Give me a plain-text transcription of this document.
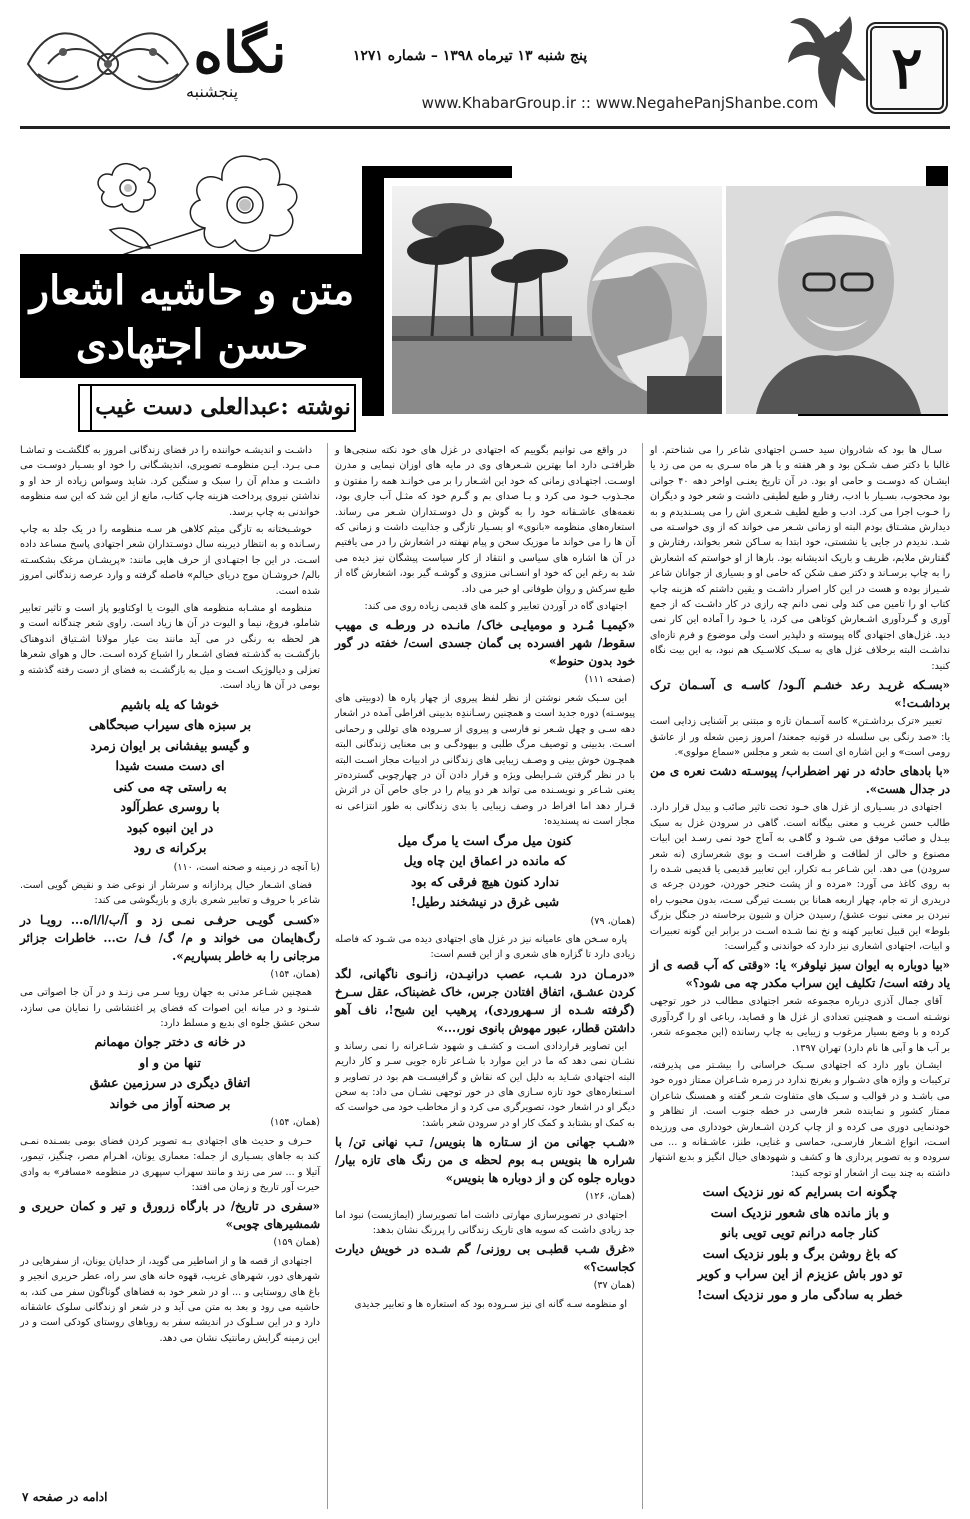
نگاه
پنجشنبه
پنج شنبه ۱۳ تیرماه ۱۳۹۸ – شماره ۱۲۷۱
www.KhabarGroup.ir :: www.NegahePanjShanbe.com
۲
متن و حاشیه اشعار
حسن اجتهادی
نوشته :عبدالعلی دست غیب

سـال ها بود که شادروان سید حسـن اجتهادی شاعر را می شناختم. او غالبا با دکتر صف شـکن بود و هر هفته و یا هر ماه سـری به من می زد یا ایشـان که دوسـت و حامی او بود. در آن تاریخ یعنـی اواخر دهه ۴۰ جوانی بود محجوب، بسـیار با ادب، رفتار و طبع لطیفی داشت و شعر خود و دیگران را خـوب اجرا می کرد. ادب و طبع لطیف شـعری اش را می پسـندیدم و به دیدارش مشـتاق بودم البته او زمانی شـعر می خواند که از وی خواسـته می شـد. ندیدم در جایی یا نشستی، خود ابتدا به سـاکن شعر بخواند، رفتارش و گفتارش ملایم، ظریف و باریک اندیشانه بود. بارها از او خواستم که اشعارش را به چاپ برسـاند و دکتر صف شکن که حامی او و بسیاری از جوانان شاعر شـیراز بوده و هست در این کار اصرار داشـت و یقین داشتم که هزینه چاپ کتاب او را تامین می کند ولی نمی دانم چه رازی در کار داشـت که از جمع آوری و گـردآوری اشـعارش کوتاهی می کرد، یا خـود را آماده این کار نمی دید. غزل‌های اجتهادی گاه پیوسته و دلپذیر است ولی موضوع و فرم تازه‌ای نداشـت البته برخلاف غزل های به سـبک کلاسـیک هم نبود، به این بیت نگاه کنید:

«بسـکه غریـد رعد خشـم آلـود/ کاسـه ی آسـمان ترک برداشـت!»

تعبیر «ترک برداشـتن» کاسه آسـمان تازه و مبتنی بر آشنایی زدایی است یا: «صد رنگی بی سلسله در قونیه جمعند/ امروز زمین شعله ور از عاشق رومی است» و این اشاره ای است به شعر و مجلس «سماع مولوی».

«با بادهای حادثه در نهر اضطراب/ پیوسـته دشت نعره ی من در جدال هست».

اجتهادی در بسـیاری از غزل های خـود تحت تاثیر صائب و بیدل قرار دارد. طالب حسن غریب و معنی بیگانه است. گاهی در سرودن غزل به سبک بیـدل و صائب موفق می شـود و گاهـی به آماج خود نمی رسـد این ابیات مصنوع و خالی از لطافت و ظرافت اسـت و بوی شعرسازی (نه شعر سرودن) می دهد. این شـاعر بـه تکرار، این تعابیر قدیمی یا قدیمی شـده را به روی کاغذ می آورد: «مرده و از پشت خنجر خوردن، خوردن جرعه ی دریدری از ته جام، چهار اربعه همانا بن بسـت تیرگی سـت، بدون محبوب راه نبردن بر معنی نبوت عشق/ رسیدن خزان و شیون برخاسته در جنگل بزرگ بلوط» این قبیل تعابیر کهنه و نخ نما شـده اسـت در برابر این گونه تعبیرات و ابیات، اجتهادی اشعاری نیز دارد که خواندنی و گیراست:

«بیا دوباره به ایوان سبز نیلوفر» یا: «وقتی که آب قصه ی از یاد رفته است/ تکلیف این سراب مکدر چه می شود؟»

آقای جمال آذری درباره مجموعه شعر اجتهادی مطالب در خور توجهی نوشـته اسـت و همچنین تعدادی از غزل ها و قصاید، رباعی او را گردآوری کرده و با وضع بسیار مرغوب و زیبایی به چاپ رسانده (این مجموعه شعر، بر آب ها و آبی ها نام دارد) تهران ۱۳۹۷.

ایشـان باور دارد که اجتهادی سـبک خراسانی را بیشـتر می پذیرفته، ترکیبات و واژه های دشـوار و بغرنج ندارد در زمره شـاعران ممتاز دوره خود می باشـد و در قوالب و سـبک های متفاوت شـعر گفته و همسنگ شاعران ممتاز کشور و نماینده شعر فارسی در خطه جنوب است. از تظاهر و خودنمایی دوری می کرده و از چاپ کردن اشـعارش خودداری می ورزیده اسـت، انواع اشـعار فارسـی، حماسی و غنایی، طنز، عاشـقانه و ... می سروده و به تصویر پردازی ها و کشف و شهودهای خیال انگیز و بدیع اشتهار داشته به چند بیت از اشعار او توجه کنید:

چگونه ات بسرایم که نور نزدیک است
و باز مانده های شعور نزدیک است
کنار جامه درانم تویی تویی بانو
که باغ روشن برگ و بلور نزدیک است
تو دور باش عزیزم از این سراب و کویر
خطر به سادگی مار و مور نزدیک است!

در واقع می توانیم بگوییم که اجتهادی در غزل های خود نکته سنجی‌ها و ظرافتـی دارد اما بهترین شـعرهای وی در مایه های اوزان نیمایی و مدرن اوسـت. اجتهـادی زمانی که خود این اشـعار را بر می خوانـد همه را مفتون و مجـذوب خـود می کرد و بـا صدای بم و گـرم خود که مثـل آب جاری بود، نغمه‌های عاشـقانه خود را به گوش و دل دوسـتداران شـعر می رساند. استعاره‌های منظومه «بانوی» او بسـیار تازگی و جذابیت داشت و زمانی که آن ها را می خواند ما موزیک سخن و پیام نهفته در اشعارش را در می یافتیم در آن ها اشاره های سیاسی و انتقاد از کار سیاست پیشگان نیز دیده می شد به رغم این که خود او انسـانی منزوی و گوشـه گیر بود، اشعارش گاه از طبع سرکش و روان طوفانی او خبر می داد.

اجتهادی گاه در آوردن تعابیر و کلمه های قدیمی زیاده روی می کند:

«کیمیـا مُـرد و مومیایـی خاک/ مانـده در ورطـه ی مهیب سقوط/ شهر افسرده بی گمان جسدی است/ خفته در گور خود بدون حنوط»

(صفحه ۱۱۱)

این سـبک شعر نوشتن از نظر لفظ پیروی از چهار پاره ها (دوبیتی های پیوسـته) دوره جدید است و همچنین رسـانندِه بدبینی افراطی آمده در اشعار دهه سـی و چهل شـعر نو فارسی و پیروی از سـروده های توللی و رحمانی اسـت. بدبینی و توصیف مرگ طلبی و بیهودگـی و بی معنایی زندگانی البته همچـون خوش بینی و وصـف زیبایی های زندگانی در ادبیات مجاز اسـت البته با در نظر گرفتن شـرایطی ویژه و قرار دادن آن در چهارچوبی گسترده‌تر یعنی شـاعر و نویسـنده می تواند هر دو پیام را در جای خاص آن در اثرش قـرار دهد اما افراط در وصف زیبایی یا بدی زندگانی به طور انتزاعی نه مجاز است نه پسندیده:

کنون میل مرگ است یا مرگ میل
که مانده در اعماق این چاه ویل
ندارد کنون هیچ فرقی که بود
شبی غرق در نیشخند رطیل!

(همان، ۷۹)

پاره سـخن های عامیانه نیز در غزل های اجتهادی دیده می شـود که فاصله زیادی دارد تا گزاره های شعری و از این قسم است:

«درمـان درد شـب، عصب درانیـدن، زانـوی ناگهانی، لگد کردن عشـق، اتفاق افتادن جرس، خاک غضبناک، عقل سـرخ (گرفته شـده از سـهروردی)، پرهیب این شبح!، ناف آهو داشتن قطار، عبور مهوش بانوی نور،...»

این تصاویر قراردادی اسـت و کشـف و شهود شـاعرانه را نمی رساند و نشـان نمی دهد که ما در این موارد با شـاعر تازه جویی سـر و کار داریم البته اجتهادی شـاید به دلیل این که نقاش و گرافیسـت هم بود در تصاویر و اسـتعاره‌های خود تازه سـازی های در خور توجهی نشـان می داد: به سخن دیگر او در اشعار خود، تصویرگری می کرد و از مخاطب خود می خواست که به کمک او بشتابد و کمک کار او در سرودن شعر باشد:

«شـب جهانی من از سـتاره ها بنویس/ تـب نهانی تن/ با شراره ها بنویس بـه بوم لحظه ی من رنگ های تازه بیار/ دوباره جلوه کن و از دوباره ها بنویس»

(همان، ۱۲۶)

اجتهادی در تصویرسازی مهارتی داشت اما تصویرساز (ایماژیست) نبود اما جد زیادی داشت که سویه های تاریک زندگانی را پررنگ نشان بدهد:

«غرق شـب قطبـی بی روزنی/ گم شـده در خویش دیارت کجاست؟»

(همان ۳۷)

او منظومه سـه گانه ای نیز سـروده بود که استعاره ها و تعابیر جدیدی

داشـت و اندیشـه خواننده را در فضای زندگانی امروز به گلگشـت و تماشـا مـی بـرد. ایـن منظومـه تصویری، اندیشـگانی را خود او بسـیار دوسـت می داشـت و مدام آن را سبک و سنگین کرد. شاید وسواس زیاده از حد او و نداشتن نیروی پرداخت هزینه چاپ کتاب، مانع از این شد که این سه منظومه خواندنی به چاپ برسد.

خوشـبختانه به تازگی میثم کلاهی هر سـه منظومه را در یک جلد به چاپ رسـانده و به انتظار دیرینه سال دوسـتداران شعر اجتهادی پاسخ مساعد داده اسـت. در این جا اجتهـادی از حرف هایی مانند: «پریشـان مرغک بشکسـته بالم/ خروشـان موج دریای خیالم» فاصله گرفته و وارد عرصه زندگانی امروز شده است.

منظومه او مشـابه منظومه های الیوت یا اوکتاویو پاز است و تاثیر تعابیر شاملو، فروغ، نیما و الیوت در آن ها زیاد است. راوی شعر چندگانه است و هر لحظه به رنگی در می آید مانند بت عیار مولانا اشـتیاق اندوهناک بازگشـت به گذشـته فضای اشـعار را اشباع کرده اسـت. حال و هوای شعرها تعزلی و دیالوژیک اسـت و میل به بازگشـت به فضای از دست رفته گذشته و بومی در آن ها زیاد است.

خوشا که یله باشیم
بر سبزه های سیراب صبحگاهی
و گیسو بیفشانی بر ایوان زمرد
ای دست مست شیدا
به راستی چه می کنی
با روسری عطرآلود
در این انبوه کبود
برکرانه ی رود

(با آنچه در زمینه و صحنه است، ۱۱۰)

فضای اشـعار خیال پردازانه و سرشار از نوعی ضد و نقیض گویی است. شاعر با حروف و تعابیر شعری بازی و بازیگوشی می کند:

«کسـی گویـی حرفـی نمـی زد و آ/ب/ا/ا/ه... رویـا در رگ‌هایمان می خواند و م/ گ/ ف/ ت... خاطرات جزائر مرجانی را به خاطر بسپاریم».

(همان، ۱۵۴)

همچنین شـاعر مدتی به جهان رویا سـر می زنـد و در آن جا اصواتی می شـنود و در میانه این اصوات که فضای پر اغتشاشی را نمایان می سازد، سخن عشق جلوه ای بدیع و مسلط دارد:

در خانه ی دختر جوان مهمانم
تنها من و او
اتفاق دیگری در سرزمین عشق
بر صحنه آواز می خواند

(همان، ۱۵۴)

حـرف و حدیث های اجتهادی بـه تصویر کردن فضای بومی بسـنده نمـی کند به جاهای بسـیاری از جمله: معماری یونان، اهـرام مصر، چنگیز، تیمور، آتیلا و ... سر می زند و مانند سهراب سپهری در منظومه «مسافر» به وادی حیرت آور تاریخ و زمان می افتد:

«سفری در تاریخ/ در بارگاه زرورق و تیر و کمان حریری و شمشیرهای چوبی»

(همان ۱۵۹)

اجتهادی از قصه ها و از اساطیر می گوید، از خدایان یونان، از سفرهایی در شهرهای دور، شهرهای غریب، قهوه خانه های سر راه، عطر حریری انجیر و باغ های روستایی و ... او در شعر خود به فضاهای گوناگون سفر می کند، به حاشیه می رود و بعد به متن می آید و در شعر او زندگانی سلوک عاشقانه دارد و در این سـلوک در اندیشه سفر به رویاهای روستای کودکی است و در این زمینه گرایش رمانتیک نشان می دهد.

ادامه در صفحه ۷
